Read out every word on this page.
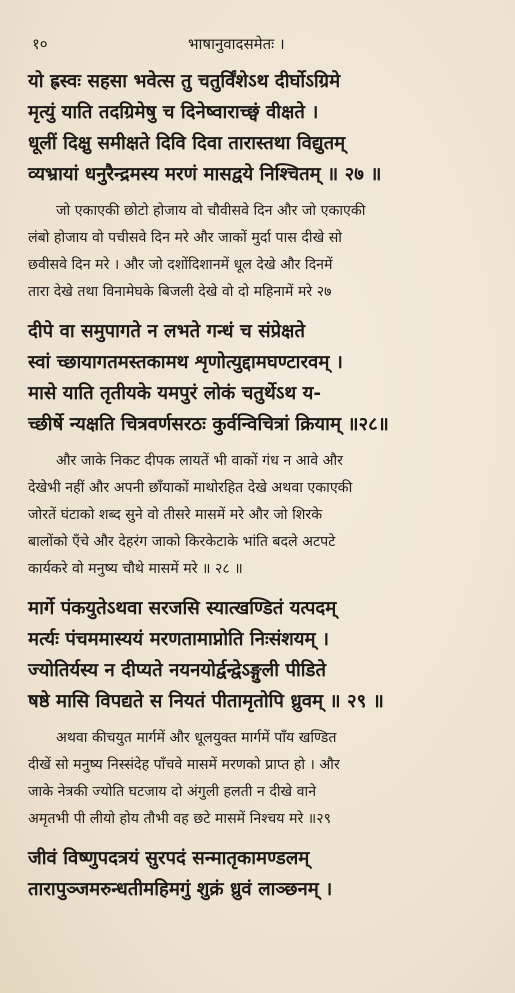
१०	भाषानुवादसमेतः ।
यो ह्रस्वः सहसा भवेत्स तु चतुर्विंशेऽथ दीर्घोऽग्रिमे
मृत्युं याति तदग्रिमेषु च दिनेष्वाराच्छ्वं वीक्षते ।
धूलीं दिक्षु समीक्षते दिवि दिवा तारास्तथा विद्युतम्
व्यभ्रायां धनुरैन्द्रमस्य मरणं मासद्वये निश्चितम् ॥ २७ ॥
जो एकाएकी छोटो होजाय वो चौवीसवे दिन और जो एकाएकी
लंबो होजाय वो पचीसवे दिन मरे और जाकों मुर्दा पास दीखे सो
छवीसवे दिन मरे । और जो दशोंदिशानमें धूल देखे और दिनमें
तारा देखे तथा विनामेघके बिजली देखे वो दो महिनामें मरे २७
दीपे वा समुपागते न लभते गन्धं च संप्रेक्षते
स्वां च्छायागतमस्तकामथ शृणोत्युद्दामघण्टारवम् ।
मासे याति तृतीयके यमपुरं लोकं चतुर्थेऽथ य-
च्छीर्षे न्यक्षति चित्रवर्णसरठः कुर्वन्विचित्रां क्रियाम् ॥२८॥
और जाके निकट दीपक लायतें भी वाकों गंध न आवे और
देखेभी नहीं और अपनी छाँयाकों माथोरहित देखे अथवा एकाएकी
जोरतें घंटाको शब्द सुने वो तीसरे मासमें मरे और जो शिरके
बालोंको एँचे और देहरंग जाको किरकेटाके भांति बदले अटपटे
कार्यकरे वो मनुष्य चौथे मासमें मरे ॥ २८ ॥
मार्गे पंकयुतेऽथवा सरजसि स्यात्खण्डितं यत्पदम्
मर्त्यः पंचममास्ययं मरणतामाप्नोति निःसंशयम् ।
ज्योतिर्यस्य न दीप्यते नयनयोर्द्वन्द्वेऽङ्गुली पीडिते
षष्ठे मासि विपद्यते स नियतं पीतामृतोपि ध्रुवम् ॥ २९ ॥
अथवा कीचयुत मार्गमें और धूलयुक्त मार्गमें पाँय खण्डित
दीखें सो मनुष्य निस्संदेह पाँचवे मासमें मरणको प्राप्त हो । और
जाके नेत्रकी ज्योति घटजाय दो अंगुली हलती न दीखे वाने
अमृतभी पी लीयो होय तौभी वह छटे मासमें निश्चय मरे ॥२९
जीवं विष्णुपदत्रयं सुरपदं सन्मातृकामण्डलम्
तारापुञ्जमरुन्धतीमहिमगुं शुक्रं ध्रुवं लाञ्छनम् ।
